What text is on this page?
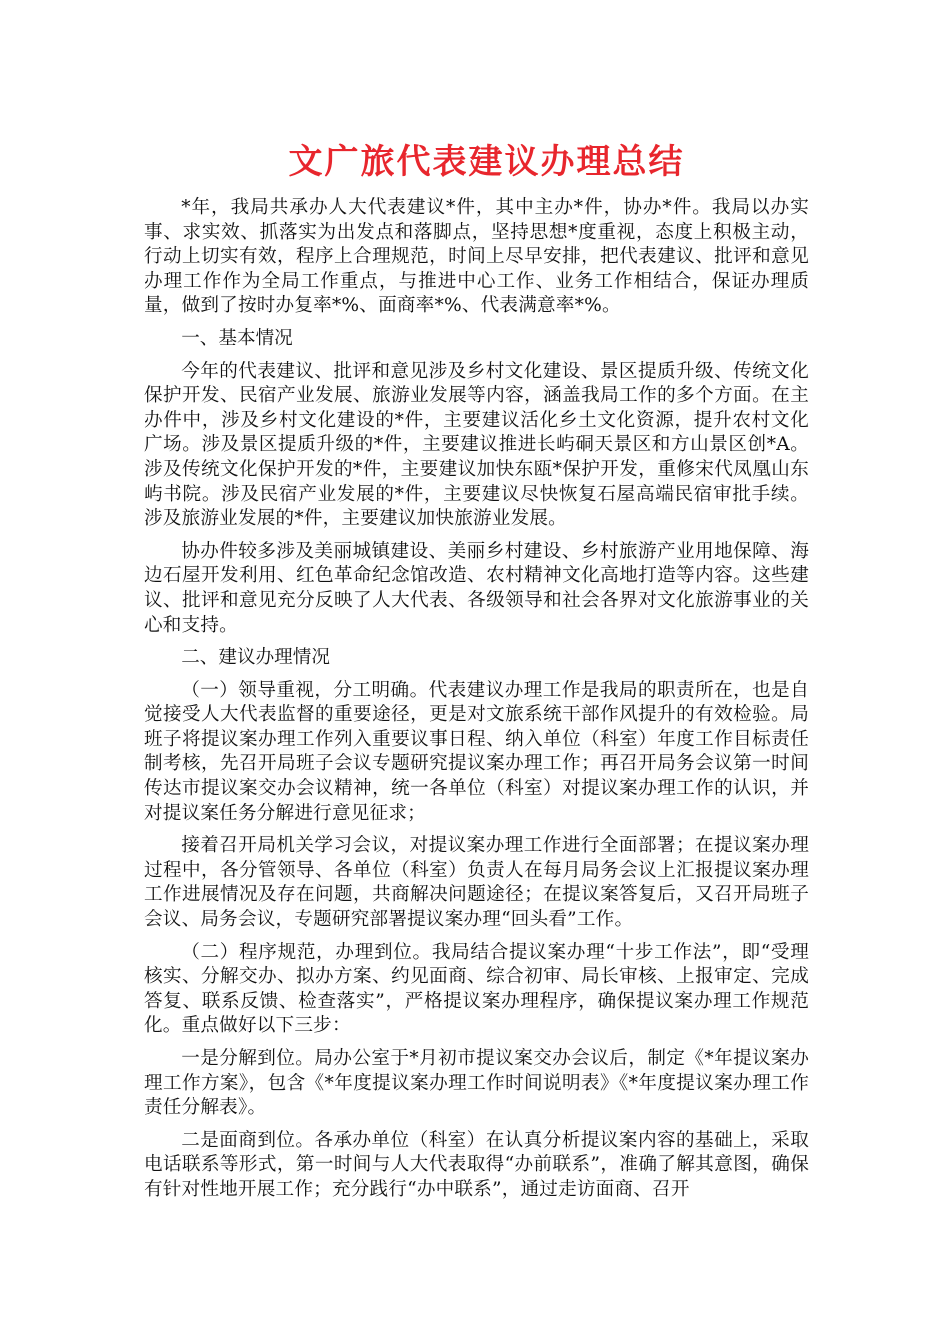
文广旅代表建议办理总结

*年，我局共承办人大代表建议*件，其中主办*件，协办*件。我局以办实事、求实效、抓落实为出发点和落脚点，坚持思想*度重视，态度上积极主动，行动上切实有效，程序上合理规范，时间上尽早安排，把代表建议、批评和意见办理工作作为全局工作重点，与推进中心工作、业务工作相结合，保证办理质量，做到了按时办复率*%、面商率*%、代表满意率*%。

一、基本情况

今年的代表建议、批评和意见涉及乡村文化建设、景区提质升级、传统文化保护开发、民宿产业发展、旅游业发展等内容，涵盖我局工作的多个方面。在主办件中，涉及乡村文化建设的*件，主要建议活化乡土文化资源，提升农村文化广场。涉及景区提质升级的*件，主要建议推进长屿硐天景区和方山景区创*A。涉及传统文化保护开发的*件，主要建议加快东瓯*保护开发，重修宋代凤凰山东屿书院。涉及民宿产业发展的*件，主要建议尽快恢复石屋高端民宿审批手续。涉及旅游业发展的*件，主要建议加快旅游业发展。

协办件较多涉及美丽城镇建设、美丽乡村建设、乡村旅游产业用地保障、海边石屋开发利用、红色革命纪念馆改造、农村精神文化高地打造等内容。这些建议、批评和意见充分反映了人大代表、各级领导和社会各界对文化旅游事业的关心和支持。

二、建议办理情况

（一）领导重视，分工明确。代表建议办理工作是我局的职责所在，也是自觉接受人大代表监督的重要途径，更是对文旅系统干部作风提升的有效检验。局班子将提议案办理工作列入重要议事日程、纳入单位（科室）年度工作目标责任制考核，先召开局班子会议专题研究提议案办理工作；再召开局务会议第一时间传达市提议案交办会议精神，统一各单位（科室）对提议案办理工作的认识，并对提议案任务分解进行意见征求；

接着召开局机关学习会议，对提议案办理工作进行全面部署；在提议案办理过程中，各分管领导、各单位（科室）负责人在每月局务会议上汇报提议案办理工作进展情况及存在问题，共商解决问题途径；在提议案答复后，又召开局班子会议、局务会议，专题研究部署提议案办理“回头看”工作。

（二）程序规范，办理到位。我局结合提议案办理“十步工作法”，即“受理核实、分解交办、拟办方案、约见面商、综合初审、局长审核、上报审定、完成答复、联系反馈、检查落实”，严格提议案办理程序，确保提议案办理工作规范化。重点做好以下三步：

一是分解到位。局办公室于*月初市提议案交办会议后，制定《*年提议案办理工作方案》，包含《*年度提议案办理工作时间说明表》《*年度提议案办理工作责任分解表》。

二是面商到位。各承办单位（科室）在认真分析提议案内容的基础上，采取电话联系等形式，第一时间与人大代表取得“办前联系”，准确了解其意图，确保有针对性地开展工作；充分践行“办中联系”，通过走访面商、召开
